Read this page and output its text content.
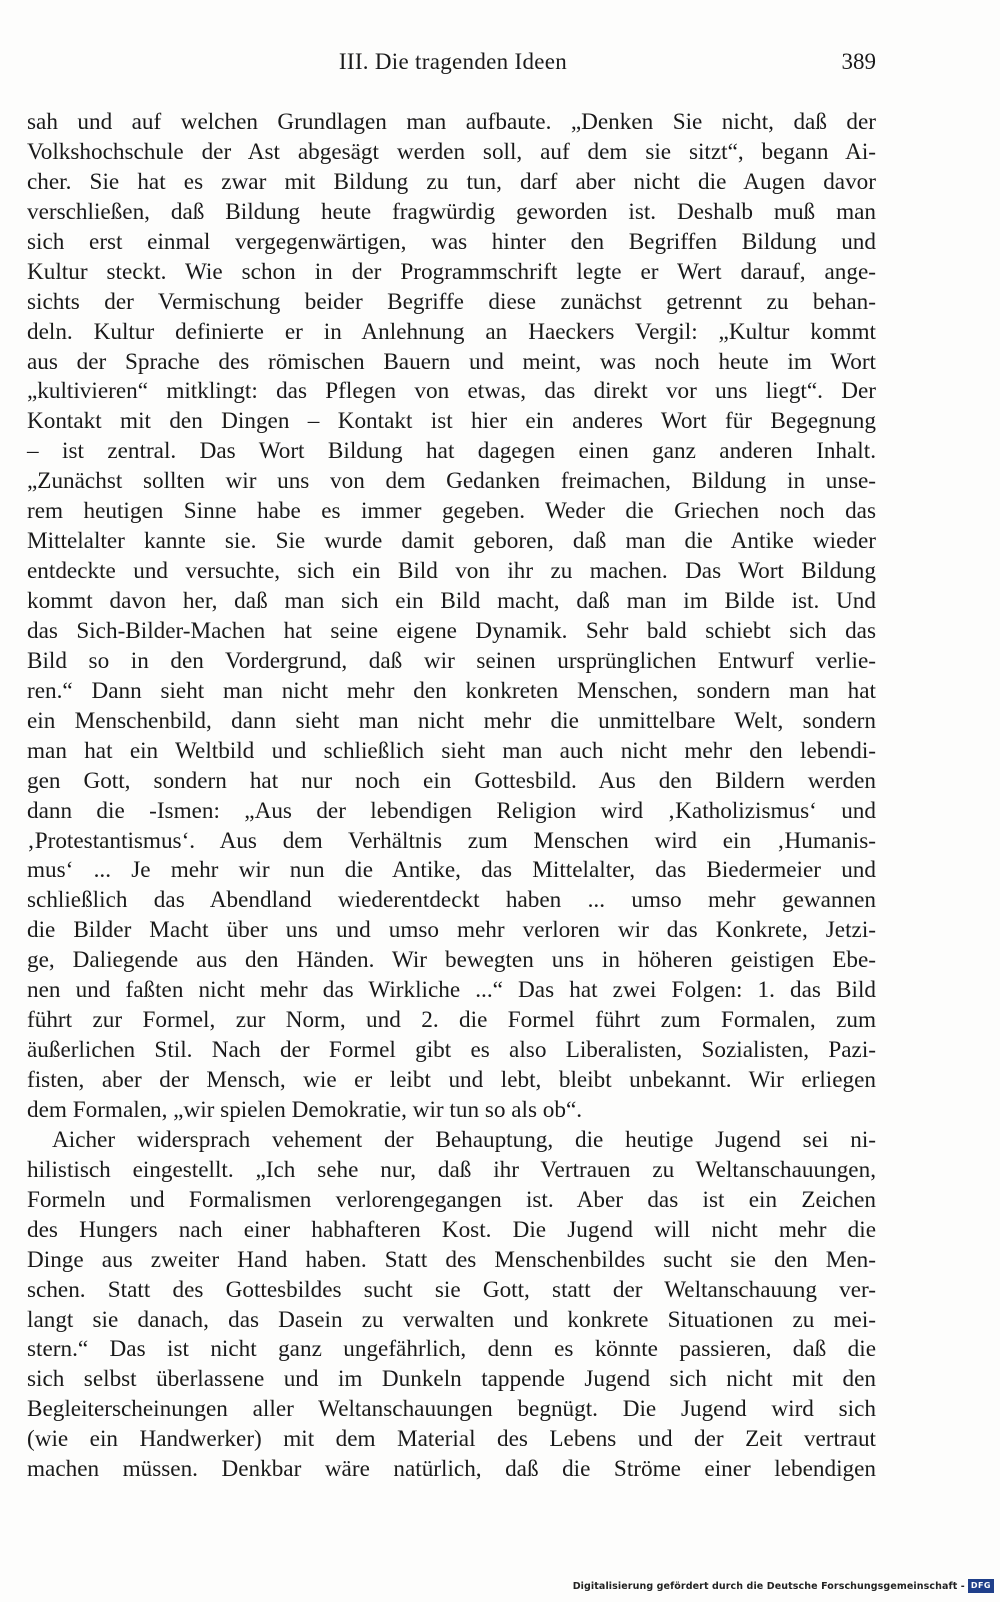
III. Die tragenden Ideen	389
sah und auf welchen Grundlagen man aufbaute. „Denken Sie nicht, daß der
Volkshochschule der Ast abgesägt werden soll, auf dem sie sitzt“, begann Ai-
cher. Sie hat es zwar mit Bildung zu tun, darf aber nicht die Augen davor
verschließen, daß Bildung heute fragwürdig geworden ist. Deshalb muß man
sich erst einmal vergegenwärtigen, was hinter den Begriffen Bildung und
Kultur steckt. Wie schon in der Programmschrift legte er Wert darauf, ange-
sichts der Vermischung beider Begriffe diese zunächst getrennt zu behan-
deln. Kultur definierte er in Anlehnung an Haeckers Vergil: „Kultur kommt
aus der Sprache des römischen Bauern und meint, was noch heute im Wort
„kultivieren“ mitklingt: das Pflegen von etwas, das direkt vor uns liegt“. Der
Kontakt mit den Dingen – Kontakt ist hier ein anderes Wort für Begegnung
– ist zentral. Das Wort Bildung hat dagegen einen ganz anderen Inhalt.
„Zunächst sollten wir uns von dem Gedanken freimachen, Bildung in unse-
rem heutigen Sinne habe es immer gegeben. Weder die Griechen noch das
Mittelalter kannte sie. Sie wurde damit geboren, daß man die Antike wieder
entdeckte und versuchte, sich ein Bild von ihr zu machen. Das Wort Bildung
kommt davon her, daß man sich ein Bild macht, daß man im Bilde ist. Und
das Sich-Bilder-Machen hat seine eigene Dynamik. Sehr bald schiebt sich das
Bild so in den Vordergrund, daß wir seinen ursprünglichen Entwurf verlie-
ren.“ Dann sieht man nicht mehr den konkreten Menschen, sondern man hat
ein Menschenbild, dann sieht man nicht mehr die unmittelbare Welt, sondern
man hat ein Weltbild und schließlich sieht man auch nicht mehr den lebendi-
gen Gott, sondern hat nur noch ein Gottesbild. Aus den Bildern werden
dann die -Ismen: „Aus der lebendigen Religion wird ‚Katholizismus‘ und
‚Protestantismus‘. Aus dem Verhältnis zum Menschen wird ein ‚Humanis-
mus‘ ... Je mehr wir nun die Antike, das Mittelalter, das Biedermeier und
schließlich das Abendland wiederentdeckt haben ... umso mehr gewannen
die Bilder Macht über uns und umso mehr verloren wir das Konkrete, Jetzi-
ge, Daliegende aus den Händen. Wir bewegten uns in höheren geistigen Ebe-
nen und faßten nicht mehr das Wirkliche ...“ Das hat zwei Folgen: 1. das Bild
führt zur Formel, zur Norm, und 2. die Formel führt zum Formalen, zum
äußerlichen Stil. Nach der Formel gibt es also Liberalisten, Sozialisten, Pazi-
fisten, aber der Mensch, wie er leibt und lebt, bleibt unbekannt. Wir erliegen
dem Formalen, „wir spielen Demokratie, wir tun so als ob“.
Aicher widersprach vehement der Behauptung, die heutige Jugend sei ni-
hilistisch eingestellt. „Ich sehe nur, daß ihr Vertrauen zu Weltanschauungen,
Formeln und Formalismen verlorengegangen ist. Aber das ist ein Zeichen
des Hungers nach einer habhafteren Kost. Die Jugend will nicht mehr die
Dinge aus zweiter Hand haben. Statt des Menschenbildes sucht sie den Men-
schen. Statt des Gottesbildes sucht sie Gott, statt der Weltanschauung ver-
langt sie danach, das Dasein zu verwalten und konkrete Situationen zu mei-
stern.“ Das ist nicht ganz ungefährlich, denn es könnte passieren, daß die
sich selbst überlassene und im Dunkeln tappende Jugend sich nicht mit den
Begleiterscheinungen aller Weltanschauungen begnügt. Die Jugend wird sich
(wie ein Handwerker) mit dem Material des Lebens und der Zeit vertraut
machen müssen. Denkbar wäre natürlich, daß die Ströme einer lebendigen
Digitalisierung gefördert durch die Deutsche Forschungsgemeinschaft - DFG
